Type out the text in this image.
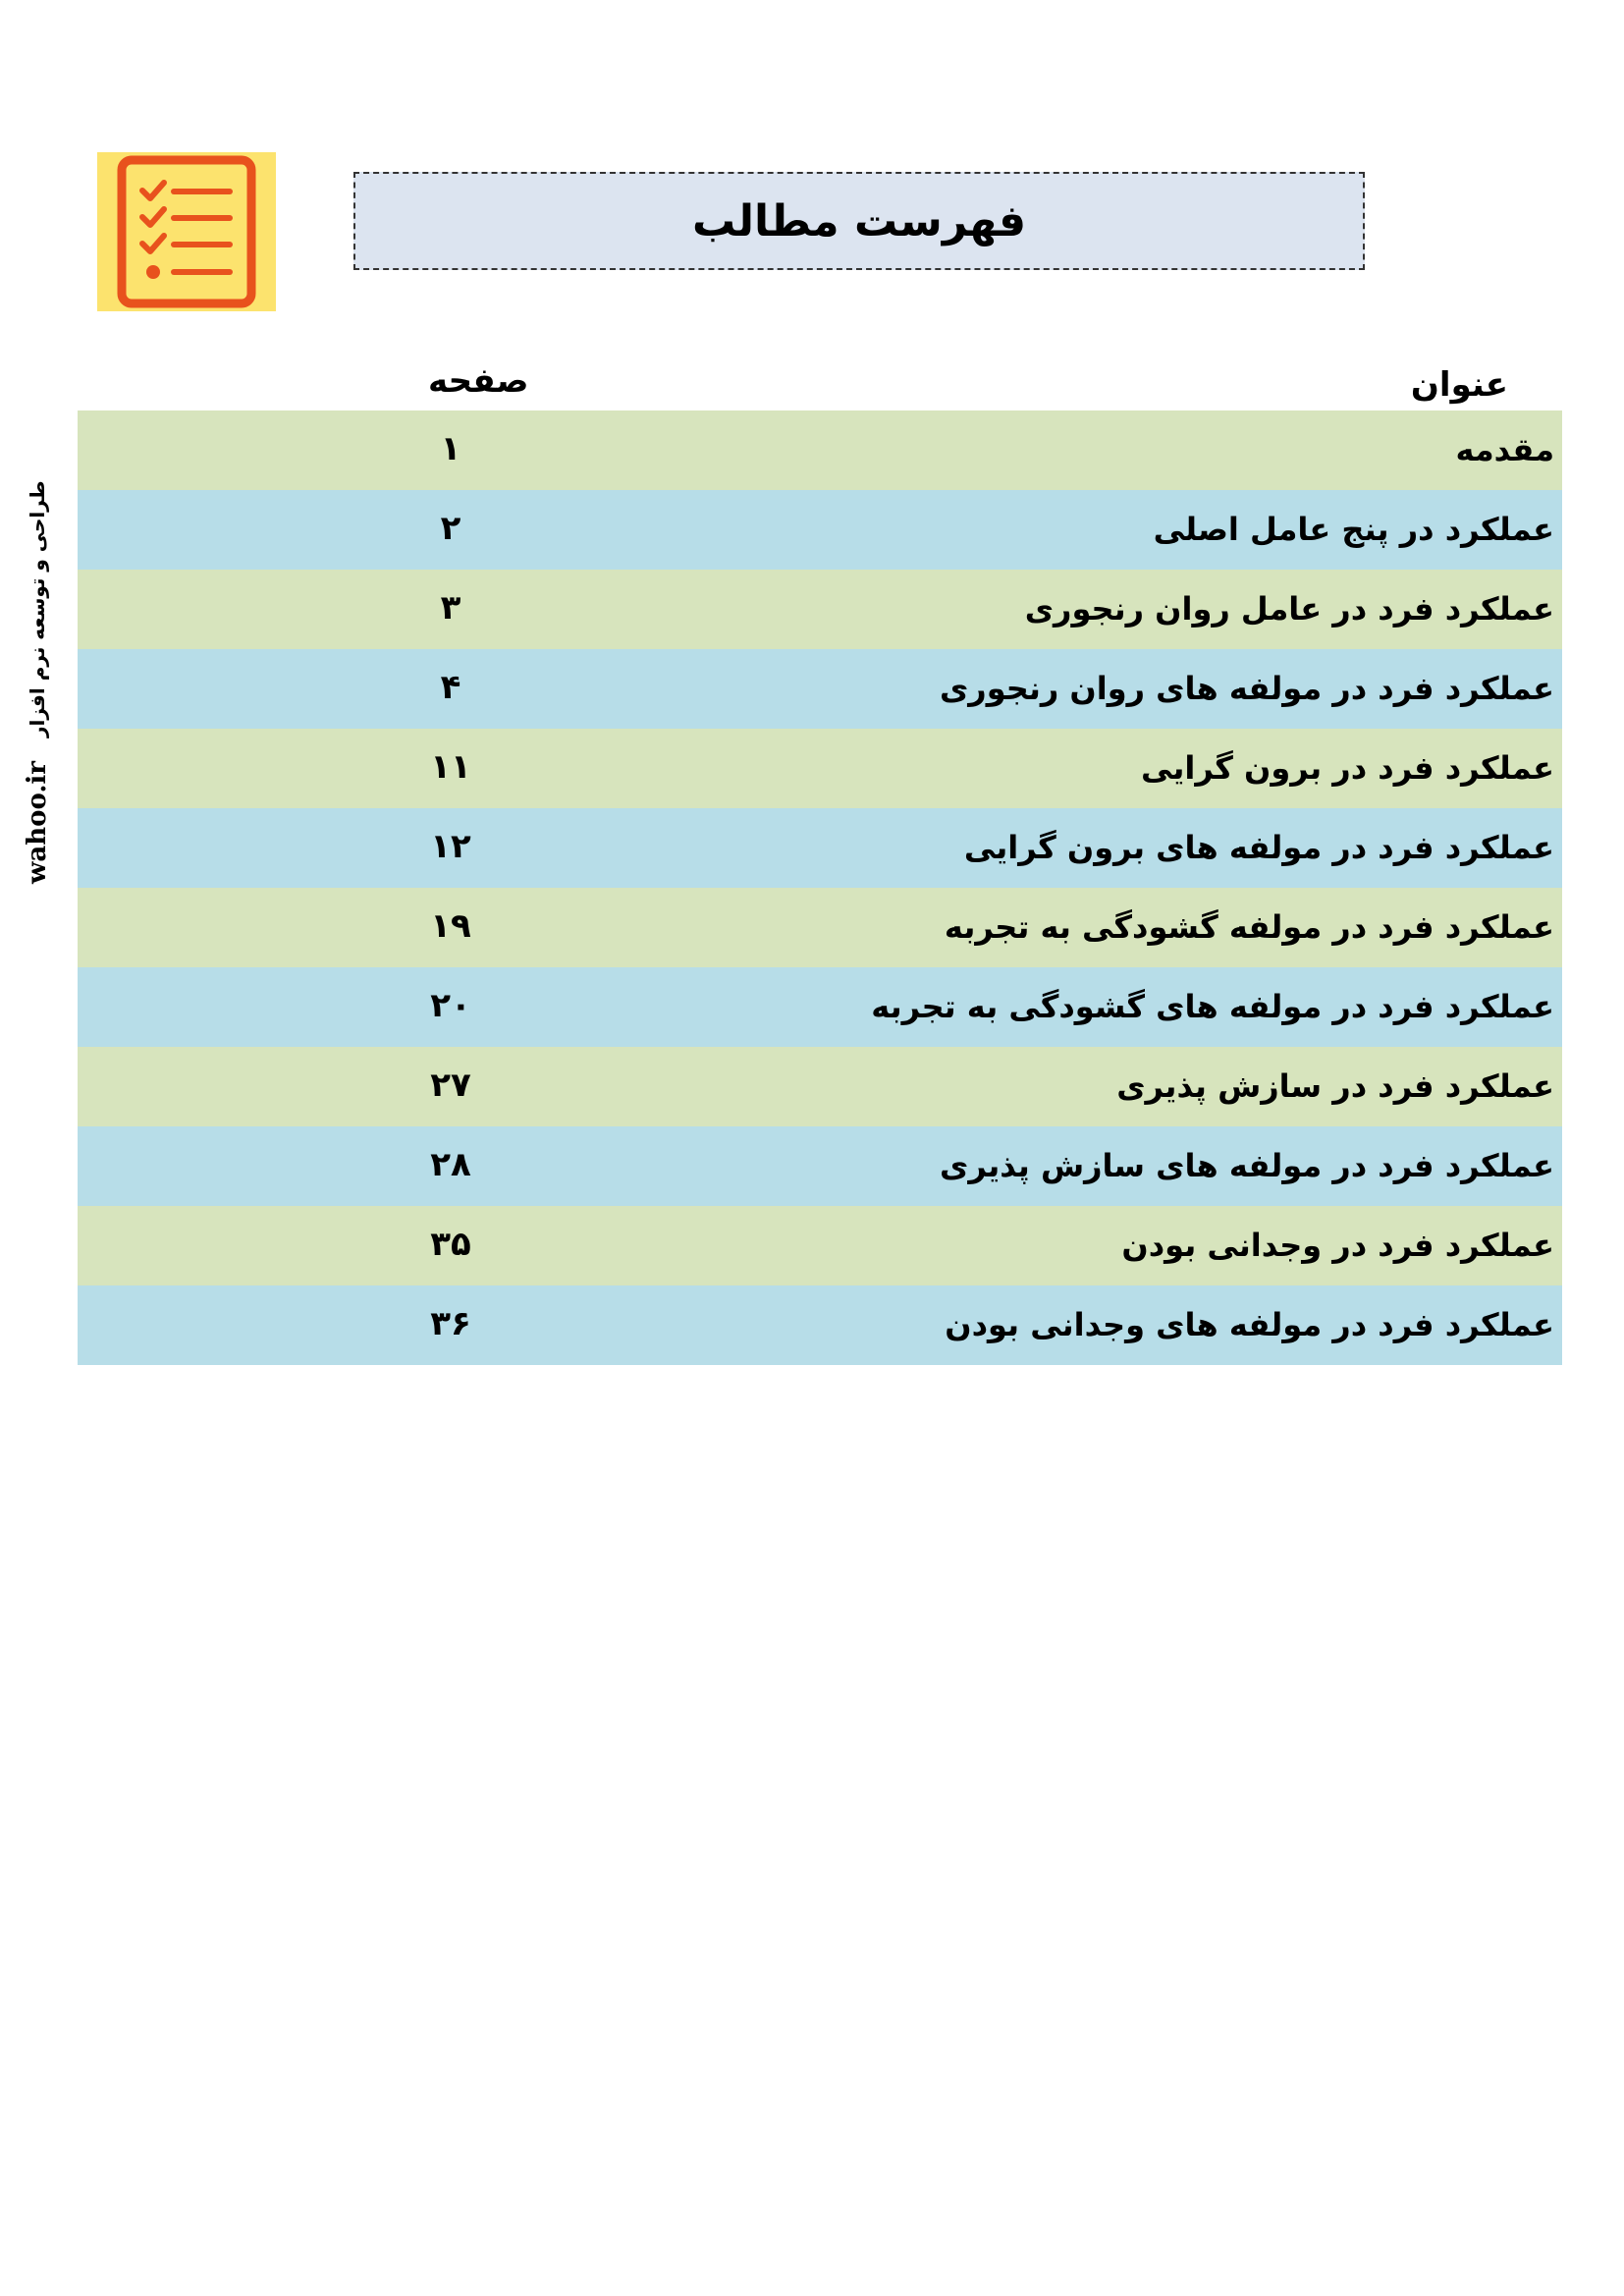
فهرست مطالب
wahoo.ir
طراحی و توسعه نرم افزار
عنوان
صفحه
مقدمه
۱
عملکرد در پنج عامل اصلی
۲
عملکرد فرد در عامل روان رنجوری
۳
عملکرد فرد در مولفه های روان رنجوری
۴
عملکرد فرد در برون گرایی
۱۱
عملکرد فرد در مولفه های برون گرایی
۱۲
عملکرد فرد در مولفه گشودگی به تجربه
۱۹
عملکرد فرد در مولفه های گشودگی به تجربه
۲۰
عملکرد فرد در سازش پذیری
۲۷
عملکرد فرد در مولفه های سازش پذیری
۲۸
عملکرد فرد در وجدانی بودن
۳۵
عملکرد فرد در مولفه های وجدانی بودن
۳۶
